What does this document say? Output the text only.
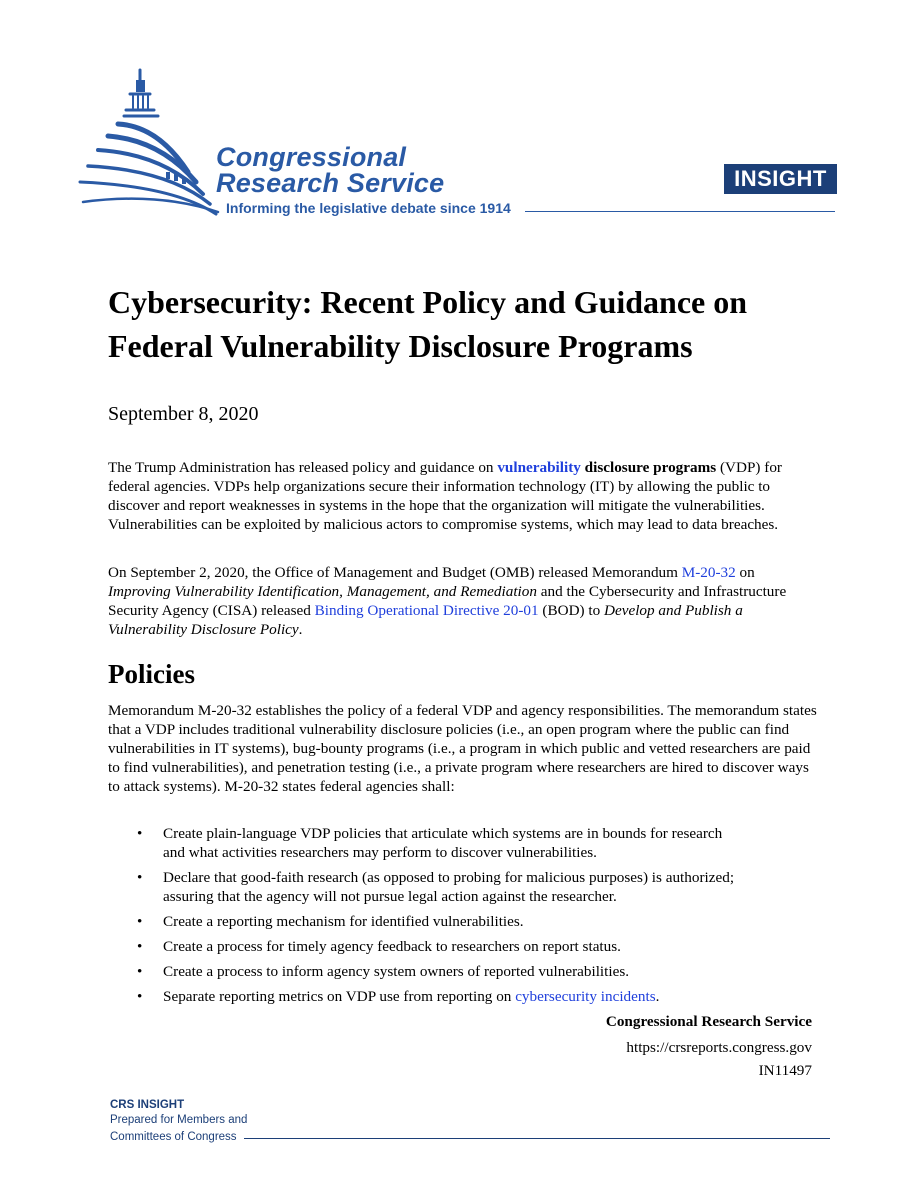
Congressional
Research Service
Informing the legislative debate since 1914
INSIGHT
Cybersecurity: Recent Policy and Guidance on Federal Vulnerability Disclosure Programs
September 8, 2020

The Trump Administration has released policy and guidance on vulnerability disclosure programs (VDP) for federal agencies. VDPs help organizations secure their information technology (IT) by allowing the public to discover and report weaknesses in systems in the hope that the organization will mitigate the vulnerabilities. Vulnerabilities can be exploited by malicious actors to compromise systems, which may lead to data breaches.

On September 2, 2020, the Office of Management and Budget (OMB) released Memorandum M-20-32 on Improving Vulnerability Identification, Management, and Remediation and the Cybersecurity and Infrastructure Security Agency (CISA) released Binding Operational Directive 20-01 (BOD) to Develop and Publish a Vulnerability Disclosure Policy.

Policies

Memorandum M-20-32 establishes the policy of a federal VDP and agency responsibilities. The memorandum states that a VDP includes traditional vulnerability disclosure policies (i.e., an open program where the public can find vulnerabilities in IT systems), bug-bounty programs (i.e., a program in which public and vetted researchers are paid to find vulnerabilities), and penetration testing (i.e., a private program where researchers are hired to discover ways to attack systems). M-20-32 states federal agencies shall:

• Create plain-language VDP policies that articulate which systems are in bounds for research and what activities researchers may perform to discover vulnerabilities.
• Declare that good-faith research (as opposed to probing for malicious purposes) is authorized; assuring that the agency will not pursue legal action against the researcher.
• Create a reporting mechanism for identified vulnerabilities.
• Create a process for timely agency feedback to researchers on report status.
• Create a process to inform agency system owners of reported vulnerabilities.
• Separate reporting metrics on VDP use from reporting on cybersecurity incidents.
Congressional Research Service
https://crsreports.congress.gov
IN11497
CRS INSIGHT
Prepared for Members and
Committees of Congress
